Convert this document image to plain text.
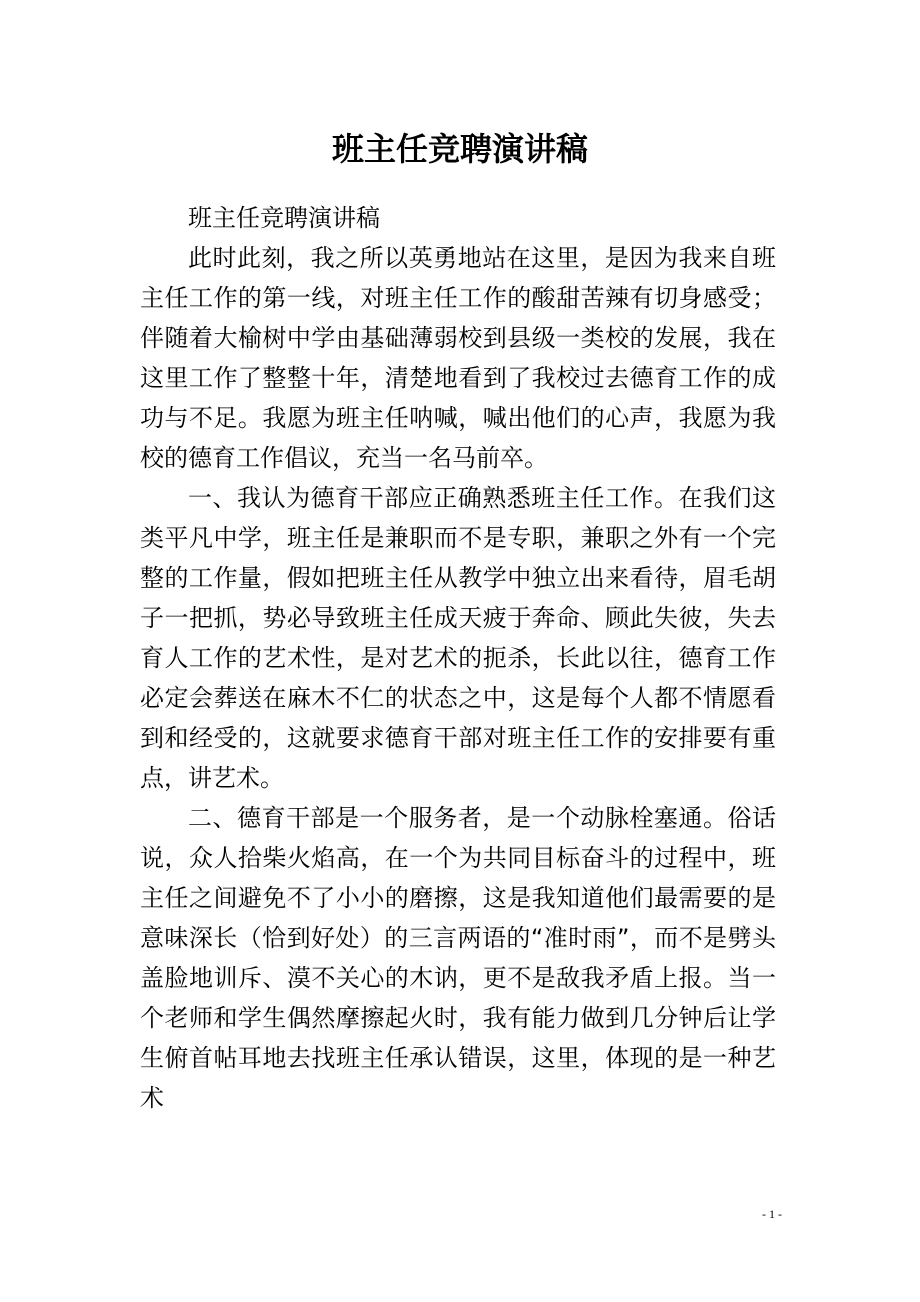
班主任竞聘演讲稿

班主任竞聘演讲稿

此时此刻，我之所以英勇地站在这里，是因为我来自班主任工作的第一线，对班主任工作的酸甜苦辣有切身感受；伴随着大榆树中学由基础薄弱校到县级一类校的发展，我在这里工作了整整十年，清楚地看到了我校过去德育工作的成功与不足。我愿为班主任呐喊，喊出他们的心声，我愿为我校的德育工作倡议，充当一名马前卒。

一、我认为德育干部应正确熟悉班主任工作。在我们这类平凡中学，班主任是兼职而不是专职，兼职之外有一个完整的工作量，假如把班主任从教学中独立出来看待，眉毛胡子一把抓，势必导致班主任成天疲于奔命、顾此失彼，失去育人工作的艺术性，是对艺术的扼杀，长此以往，德育工作必定会葬送在麻木不仁的状态之中，这是每个人都不情愿看到和经受的，这就要求德育干部对班主任工作的安排要有重点，讲艺术。

二、德育干部是一个服务者，是一个动脉栓塞通。俗话说，众人拾柴火焰高，在一个为共同目标奋斗的过程中，班主任之间避免不了小小的磨擦，这是我知道他们最需要的是意味深长（恰到好处）的三言两语的“准时雨”，而不是劈头盖脸地训斥、漠不关心的木讷，更不是敌我矛盾上报。当一个老师和学生偶然摩擦起火时，我有能力做到几分钟后让学生俯首帖耳地去找班主任承认错误，这里，体现的是一种艺术

- 1 -
